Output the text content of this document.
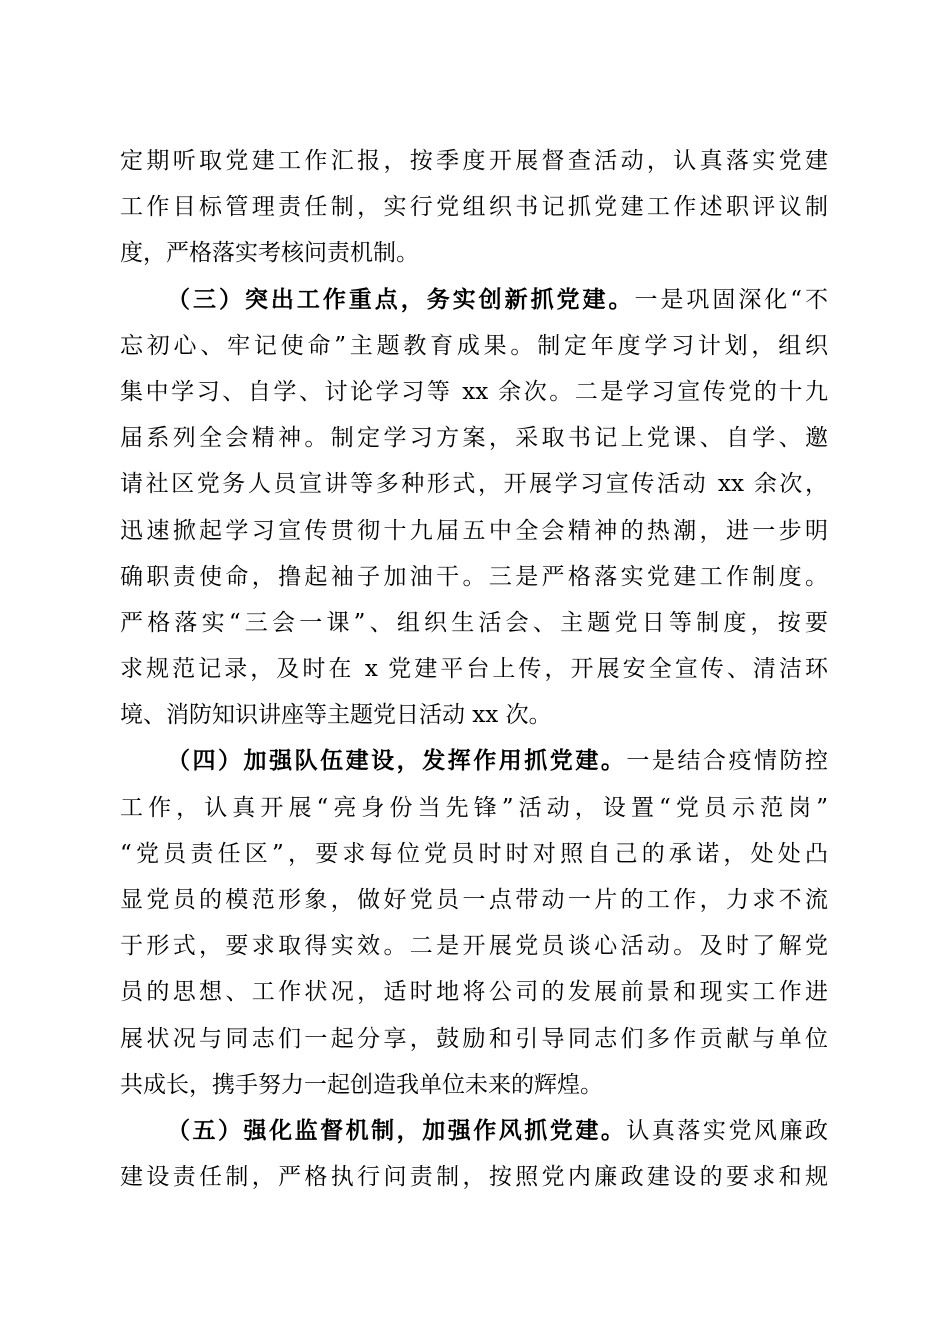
定期听取党建工作汇报，按季度开展督查活动，认真落实党建
工作目标管理责任制，实行党组织书记抓党建工作述职评议制
度，严格落实考核问责机制。
（三）突出工作重点，务实创新抓党建。一是巩固深化“不
忘初心、牢记使命”主题教育成果。制定年度学习计划，组织
集中学习、自学、讨论学习等 xx 余次。二是学习宣传党的十九
届系列全会精神。制定学习方案，采取书记上党课、自学、邀
请社区党务人员宣讲等多种形式，开展学习宣传活动 xx 余次，
迅速掀起学习宣传贯彻十九届五中全会精神的热潮，进一步明
确职责使命，撸起袖子加油干。三是严格落实党建工作制度。
严格落实“三会一课”、组织生活会、主题党日等制度，按要
求规范记录，及时在 x 党建平台上传，开展安全宣传、清洁环
境、消防知识讲座等主题党日活动 xx 次。
（四）加强队伍建设，发挥作用抓党建。一是结合疫情防控
工作，认真开展“亮身份当先锋”活动，设置“党员示范岗”
“党员责任区”，要求每位党员时时对照自己的承诺，处处凸
显党员的模范形象，做好党员一点带动一片的工作，力求不流
于形式，要求取得实效。二是开展党员谈心活动。及时了解党
员的思想、工作状况，适时地将公司的发展前景和现实工作进
展状况与同志们一起分享，鼓励和引导同志们多作贡献与单位
共成长，携手努力一起创造我单位未来的辉煌。
（五）强化监督机制，加强作风抓党建。认真落实党风廉政
建设责任制，严格执行问责制，按照党内廉政建设的要求和规
